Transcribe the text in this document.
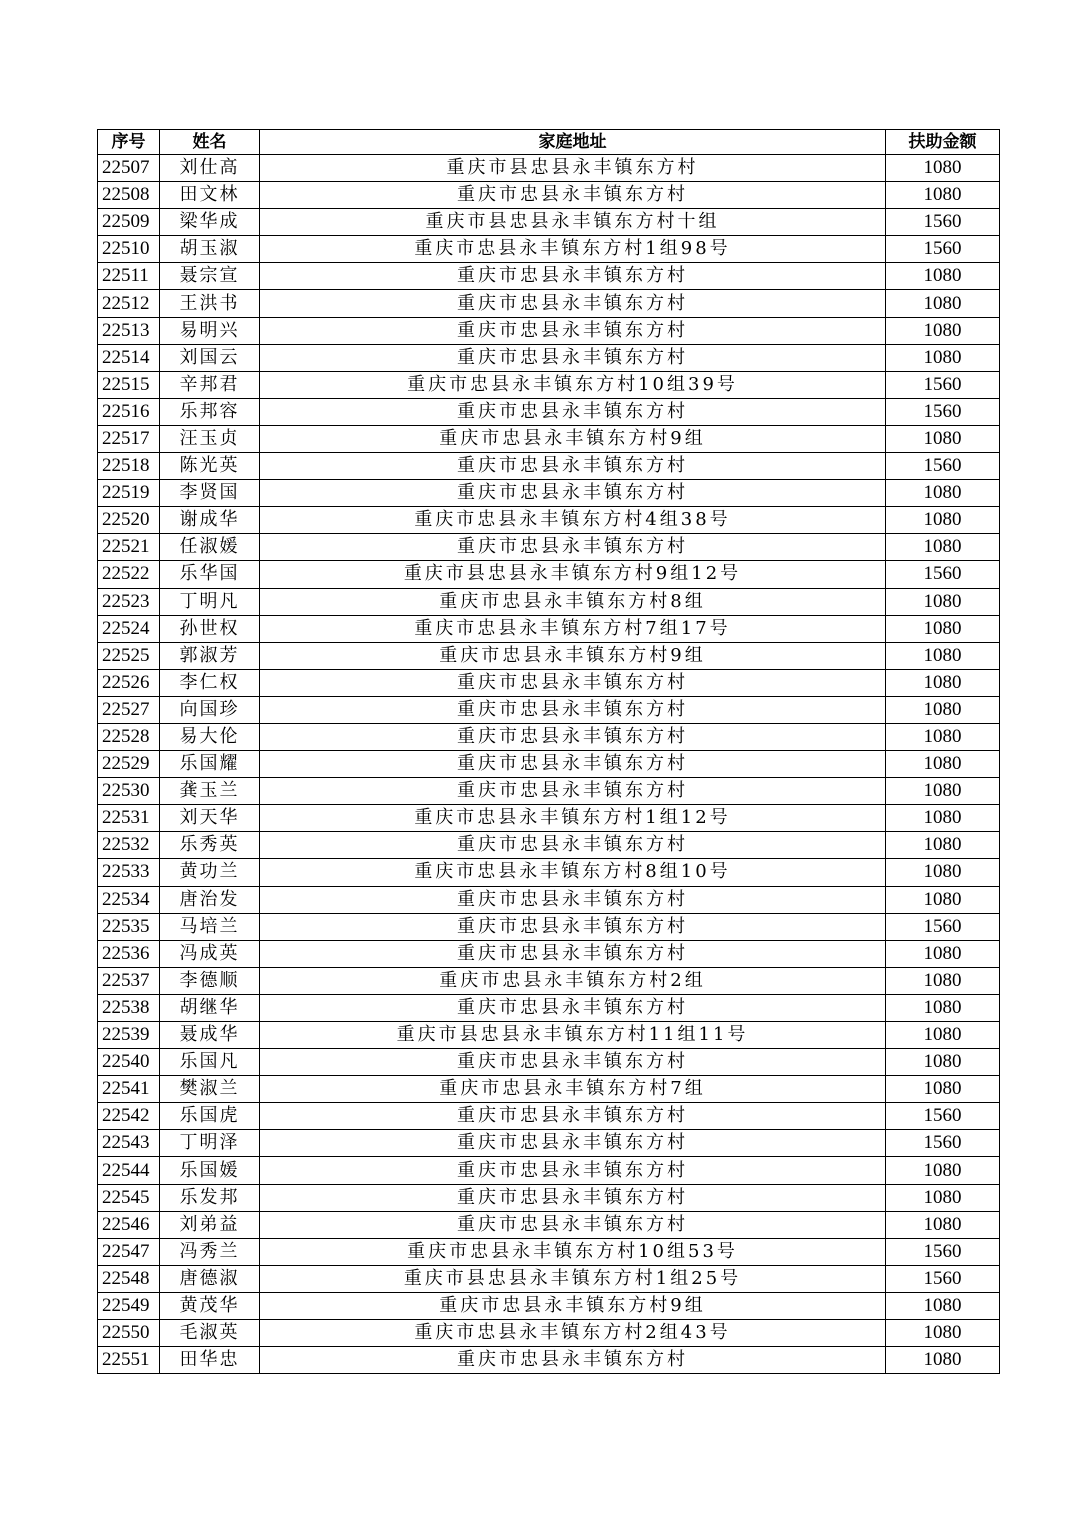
序号	姓名	家庭地址	扶助金额
22507	刘仕高	重庆市县忠县永丰镇东方村	1080
22508	田文林	重庆市忠县永丰镇东方村	1080
22509	梁华成	重庆市县忠县永丰镇东方村十组	1560
22510	胡玉淑	重庆市忠县永丰镇东方村1组98号	1560
22511	聂宗宣	重庆市忠县永丰镇东方村	1080
22512	王洪书	重庆市忠县永丰镇东方村	1080
22513	易明兴	重庆市忠县永丰镇东方村	1080
22514	刘国云	重庆市忠县永丰镇东方村	1080
22515	辛邦君	重庆市忠县永丰镇东方村10组39号	1560
22516	乐邦容	重庆市忠县永丰镇东方村	1560
22517	汪玉贞	重庆市忠县永丰镇东方村9组	1080
22518	陈光英	重庆市忠县永丰镇东方村	1560
22519	李贤国	重庆市忠县永丰镇东方村	1080
22520	谢成华	重庆市忠县永丰镇东方村4组38号	1080
22521	任淑媛	重庆市忠县永丰镇东方村	1080
22522	乐华国	重庆市县忠县永丰镇东方村9组12号	1560
22523	丁明凡	重庆市忠县永丰镇东方村8组	1080
22524	孙世权	重庆市忠县永丰镇东方村7组17号	1080
22525	郭淑芳	重庆市忠县永丰镇东方村9组	1080
22526	李仁权	重庆市忠县永丰镇东方村	1080
22527	向国珍	重庆市忠县永丰镇东方村	1080
22528	易大伦	重庆市忠县永丰镇东方村	1080
22529	乐国耀	重庆市忠县永丰镇东方村	1080
22530	龚玉兰	重庆市忠县永丰镇东方村	1080
22531	刘天华	重庆市忠县永丰镇东方村1组12号	1080
22532	乐秀英	重庆市忠县永丰镇东方村	1080
22533	黄功兰	重庆市忠县永丰镇东方村8组10号	1080
22534	唐治发	重庆市忠县永丰镇东方村	1080
22535	马培兰	重庆市忠县永丰镇东方村	1560
22536	冯成英	重庆市忠县永丰镇东方村	1080
22537	李德顺	重庆市忠县永丰镇东方村2组	1080
22538	胡继华	重庆市忠县永丰镇东方村	1080
22539	聂成华	重庆市县忠县永丰镇东方村11组11号	1080
22540	乐国凡	重庆市忠县永丰镇东方村	1080
22541	樊淑兰	重庆市忠县永丰镇东方村7组	1080
22542	乐国虎	重庆市忠县永丰镇东方村	1560
22543	丁明泽	重庆市忠县永丰镇东方村	1560
22544	乐国媛	重庆市忠县永丰镇东方村	1080
22545	乐发邦	重庆市忠县永丰镇东方村	1080
22546	刘弟益	重庆市忠县永丰镇东方村	1080
22547	冯秀兰	重庆市忠县永丰镇东方村10组53号	1560
22548	唐德淑	重庆市县忠县永丰镇东方村1组25号	1560
22549	黄茂华	重庆市忠县永丰镇东方村9组	1080
22550	毛淑英	重庆市忠县永丰镇东方村2组43号	1080
22551	田华忠	重庆市忠县永丰镇东方村	1080
